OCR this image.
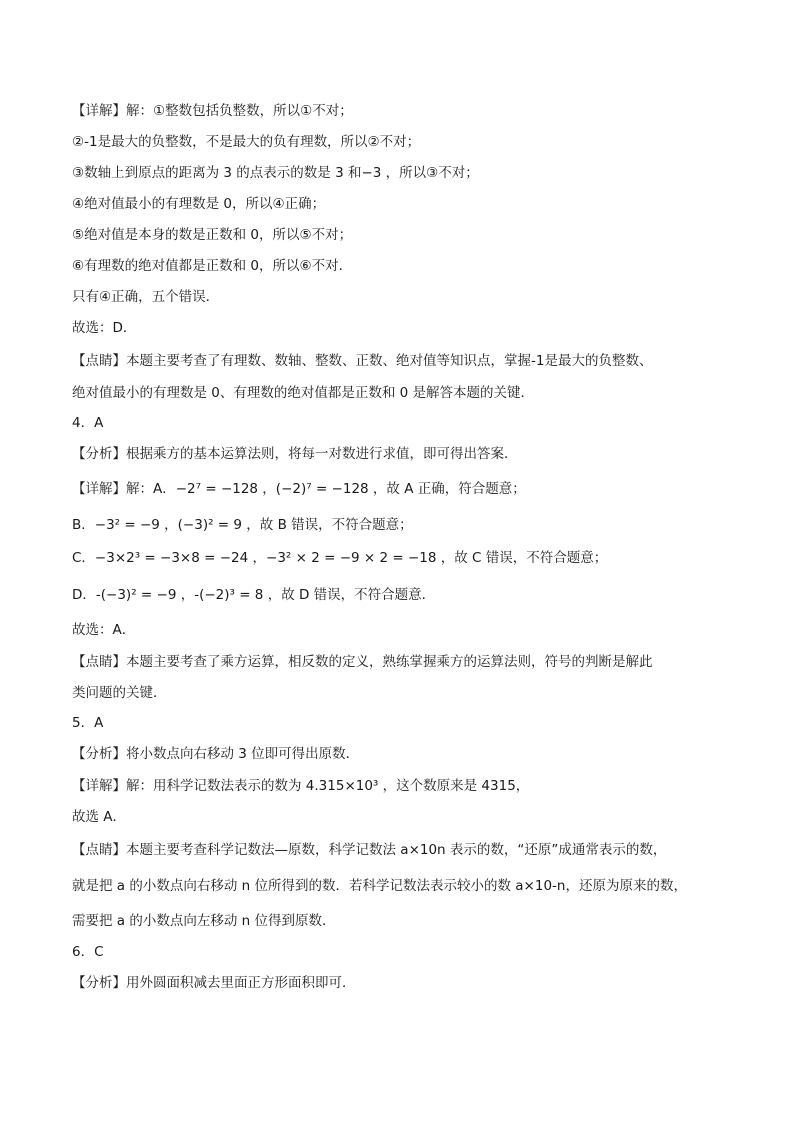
【详解】解：①整数包括负整数，所以①不对；
②-1是最大的负整数，不是最大的负有理数，所以②不对；
③数轴上到原点的距离为 3 的点表示的数是 3 和−3 ，所以③不对；
④绝对值最小的有理数是 0，所以④正确；
⑤绝对值是本身的数是正数和 0，所以⑤不对；
⑥有理数的绝对值都是正数和 0，所以⑥不对．
只有④正确，五个错误．
故选：D．
【点睛】本题主要考查了有理数、数轴、整数、正数、绝对值等知识点，掌握-1是最大的负整数、
绝对值最小的有理数是 0、有理数的绝对值都是正数和 0 是解答本题的关键．
4．A
【分析】根据乘方的基本运算法则，将每一对数进行求值，即可得出答案．
【详解】解：A．−2⁷ = −128 ，(−2)⁷ = −128 ，故 A 正确，符合题意；
B．−3² = −9 ，(−3)² = 9 ，故 B 错误，不符合题意；
C．−3×2³ = −3×8 = −24 ，−3² × 2 = −9 × 2 = −18 ，故 C 错误，不符合题意；
D．-(−3)² = −9 ，-(−2)³ = 8 ，故 D 错误，不符合题意．
故选：A．
【点睛】本题主要考查了乘方运算，相反数的定义，熟练掌握乘方的运算法则，符号的判断是解此
类问题的关键．
5．A
【分析】将小数点向右移动 3 位即可得出原数．
【详解】解：用科学记数法表示的数为 4.315×10³ ，这个数原来是 4315，
故选 A．
【点睛】本题主要考查科学记数法—原数，科学记数法 a×10n 表示的数，“还原”成通常表示的数，
就是把 a 的小数点向右移动 n 位所得到的数．若科学记数法表示较小的数 a×10-n，还原为原来的数，
需要把 a 的小数点向左移动 n 位得到原数．
6．C
【分析】用外圆面积减去里面正方形面积即可．
